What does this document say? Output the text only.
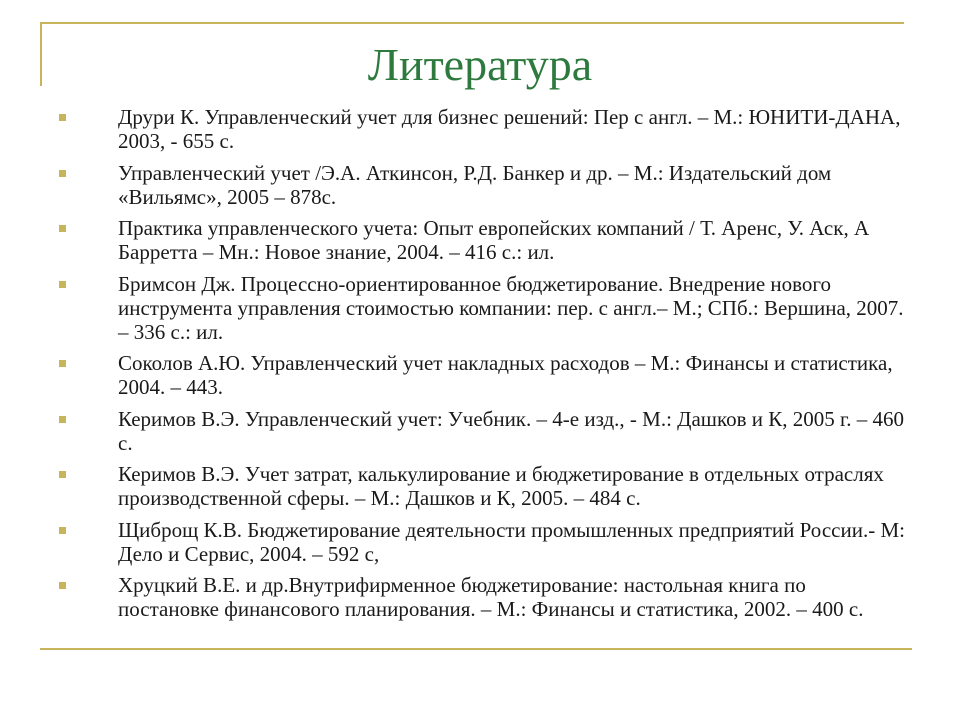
Литература
Друри К. Управленческий учет для бизнес решений: Пер с англ. – М.: ЮНИТИ-ДАНА, 2003, - 655 с.
Управленческий учет /Э.А. Аткинсон, Р.Д. Банкер и др. – М.: Издательский дом «Вильямс», 2005 – 878с.
Практика управленческого учета: Опыт европейских компаний / Т. Аренс, У. Аск, А Барретта – Мн.: Новое знание, 2004. – 416 с.: ил.
Бримсон Дж. Процессно-ориентированное бюджетирование. Внедрение нового инструмента управления стоимостью компании: пер. с англ.– М.; СПб.: Вершина, 2007. – 336 с.: ил.
Соколов А.Ю. Управленческий учет накладных расходов – М.: Финансы и статистика, 2004. – 443.
Керимов В.Э. Управленческий учет: Учебник. – 4-е изд., - М.: Дашков и К, 2005 г. – 460 с.
Керимов В.Э. Учет затрат, калькулирование и бюджетирование в отдельных отраслях производственной сферы. – М.: Дашков и К, 2005. – 484 с.
Щиброщ К.В. Бюджетирование деятельности промышленных предприятий России.- М: Дело и Сервис, 2004. – 592 с,
Хруцкий В.Е. и др.Внутрифирменное бюджетирование: настольная книга по постановке финансового планирования. – М.: Финансы и статистика, 2002. – 400 с.
